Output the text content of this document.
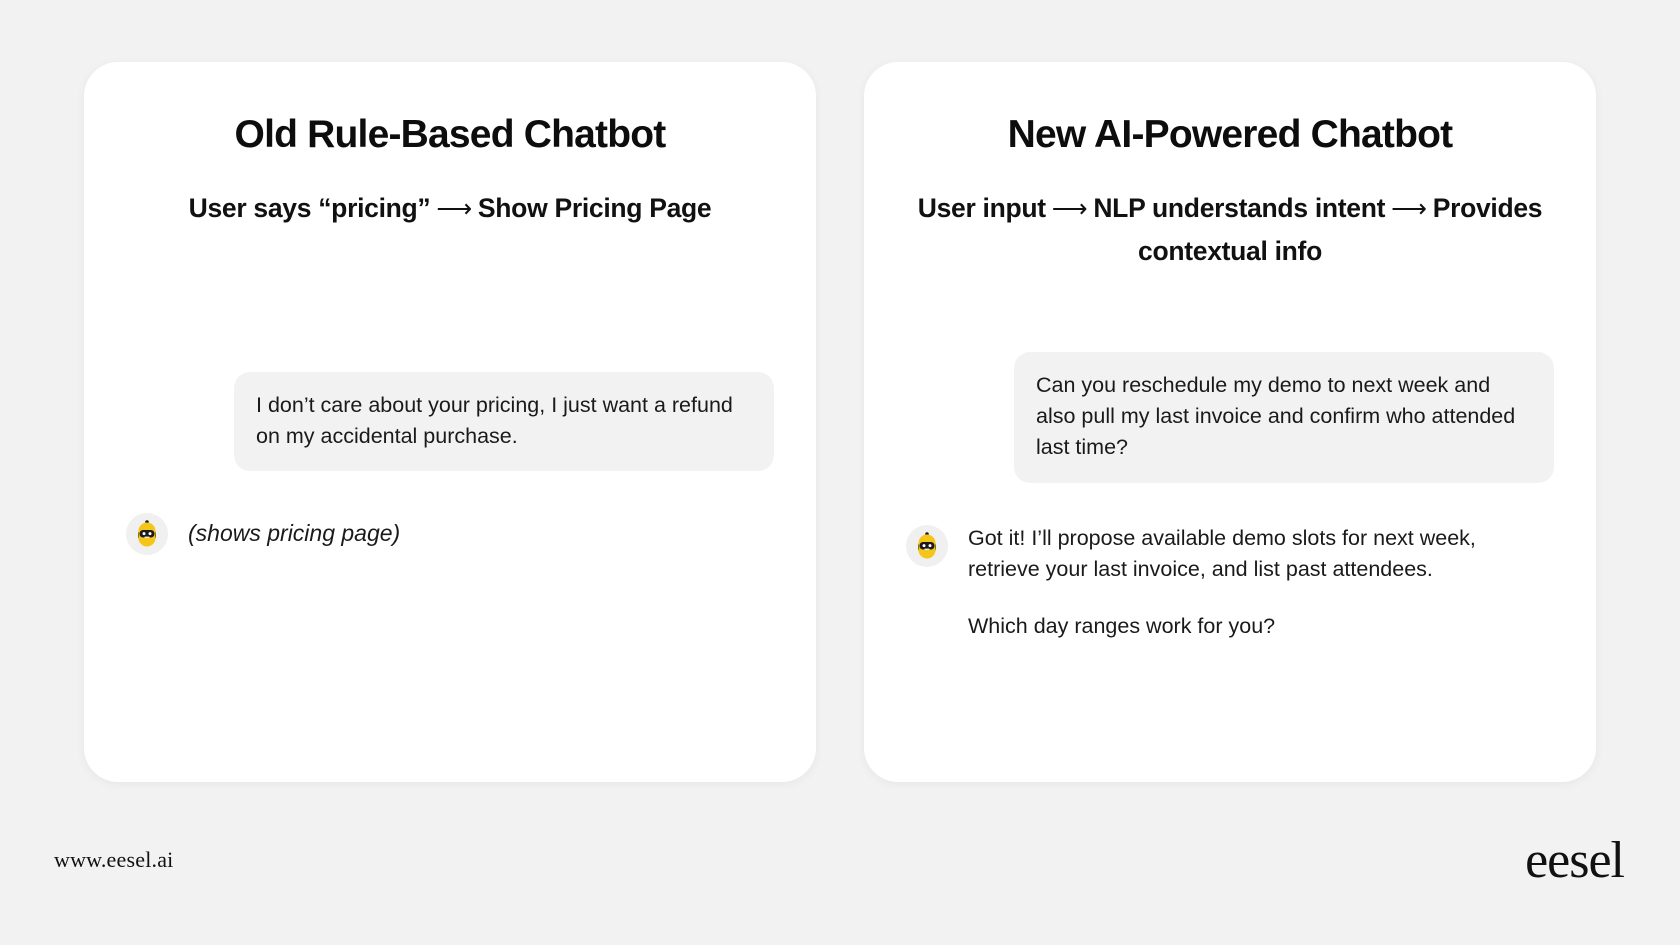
Old Rule-Based Chatbot
User says “pricing” ⟶ Show Pricing Page
I don’t care about your pricing, I just want a refund on my accidental purchase.
(shows pricing page)
New AI-Powered Chatbot
User input ⟶ NLP understands intent ⟶ Provides contextual info
Can you reschedule my demo to next week and also pull my last invoice and confirm who attended last time?

Got it! I’ll propose available demo slots for next week, retrieve your last invoice, and list past attendees.

Which day ranges work for you?

www.eesel.ai	eesel
